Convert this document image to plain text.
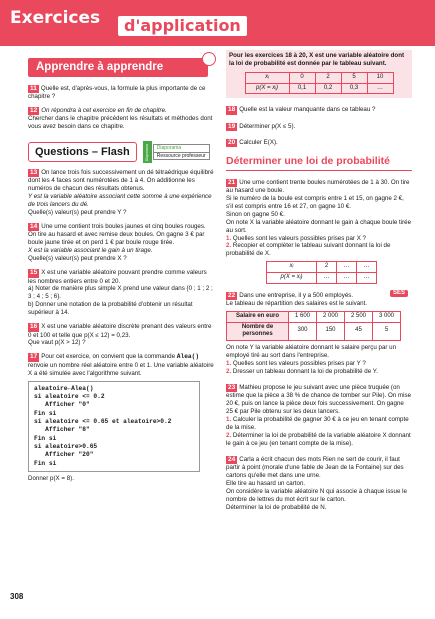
Exercices	d'application
Apprendre à apprendre
11 Quelle est, d'après-vous, la formule la plus importante de ce chapitre ?
12 On répondra à cet exercice en fin de chapitre.
Chercher dans le chapitre précédent les résultats et méthodes dont vous avez besoin dans ce chapitre.
Questions – Flash	Diaporama	Diaporama
Ressource professeur
13 On lance trois fois successivement un dé tétraédrique équilibré dont les 4 faces sont numérotées de 1 à 4. On additionne les numéros de chacun des résultats obtenus.
Y est la variable aléatoire associant cette somme à une expérience de trois lancers du dé.
Quelle(s) valeur(s) peut prendre Y ?
14 Une urne contient trois boules jaunes et cinq boules rouges. On tire au hasard et avec remise deux boules. On gagne 3 € par boule jaune tirée et on perd 1 € par boule rouge tirée.
X est la variable associant le gain à un tirage.
Quelle(s) valeur(s) peut prendre X ?
15 X est une variable aléatoire pouvant prendre comme valeurs les nombres entiers entre 0 et 20.
a) Noter de manière plus simple X prend une valeur dans {0 ; 1 ; 2 ; 3 ; 4 ; 5 ; 6}.
b) Donner une notation de la probabilité d'obtenir un résultat supérieur à 14.
16 X est une variable aléatoire discrète prenant des valeurs entre 0 et 100 et telle que p(X ≤ 12) = 0,23.
Que vaut p(X > 12) ?
17 Pour cet exercice, on convient que la commande Alea() renvoie un nombre réel aléatoire entre 0 et 1. Une variable aléatoire X a été simulée avec l'algorithme suivant.
aleatoire←Alea()
si aleatoire <= 0.2
Afficher "0"
Fin si
si aleatoire <= 0.65 et aleatoire>0.2
Afficher "8"
Fin si
si aleatoire>0.65
Afficher "20"
Fin si
Donner p(X = 8).
Pour les exercices 18 à 20, X est une variable aléatoire dont la loi de probabilité est donnée par le tableau suivant.
xᵢ	0	2	5	10
p(X = xᵢ)	0,1	0,2	0,3	…
18 Quelle est la valeur manquante dans ce tableau ?
19 Déterminer p(X ≤ 5).
20 Calculer E(X).
Déterminer une loi de probabilité
21 Une urne contient trente boules numérotées de 1 à 30. On tire au hasard une boule.
Si le numéro de la boule est compris entre 1 et 15, on gagne 2 €, s'il est compris entre 16 et 27, on gagne 10 €.
Sinon on gagne 50 €.
On note X la variable aléatoire donnant le gain à chaque boule tirée au sort.
1. Quelles sont les valeurs possibles prises par X ?
2. Recopier et compléter le tableau suivant donnant la loi de probabilité de X.
xᵢ	2	…	…
p(X = xᵢ)	…	…	…
22 Dans une entreprise, il y a 500 employés.	SES

Le tableau de répartition des salaires est le suivant.
Salaire en euro	1 600	2 000	2 500	3 000
Nombre de personnes	300	150	45	5
On note Y la variable aléatoire donnant le salaire perçu par un employé tiré au sort dans l'entreprise.
1. Quelles sont les valeurs possibles prises par Y ?
2. Dresser un tableau donnant la loi de probabilité de Y.
23 Mathieu propose le jeu suivant avec une pièce truquée (on estime que la pièce a 38 % de chance de tomber sur Pile). On mise 20 €, puis on lance la pièce deux fois successivement. On gagne 25 € par Pile obtenu sur les deux lancers.
1. Calculer la probabilité de gagner 30 € à ce jeu en tenant compte de la mise.
2. Déterminer la loi de probabilité de la variable aléatoire X donnant le gain à ce jeu (en tenant compte de la mise).
24 Carla a écrit chacun des mots Rien ne sert de courir, il faut partir à point (morale d'une fable de Jean de la Fontaine) sur des cartons qu'elle met dans une urne.
Elle tire au hasard un carton.
On considère la variable aléatoire N qui associe à chaque issue le nombre de lettres du mot écrit sur le carton.
Déterminer la loi de probabilité de N.
308
